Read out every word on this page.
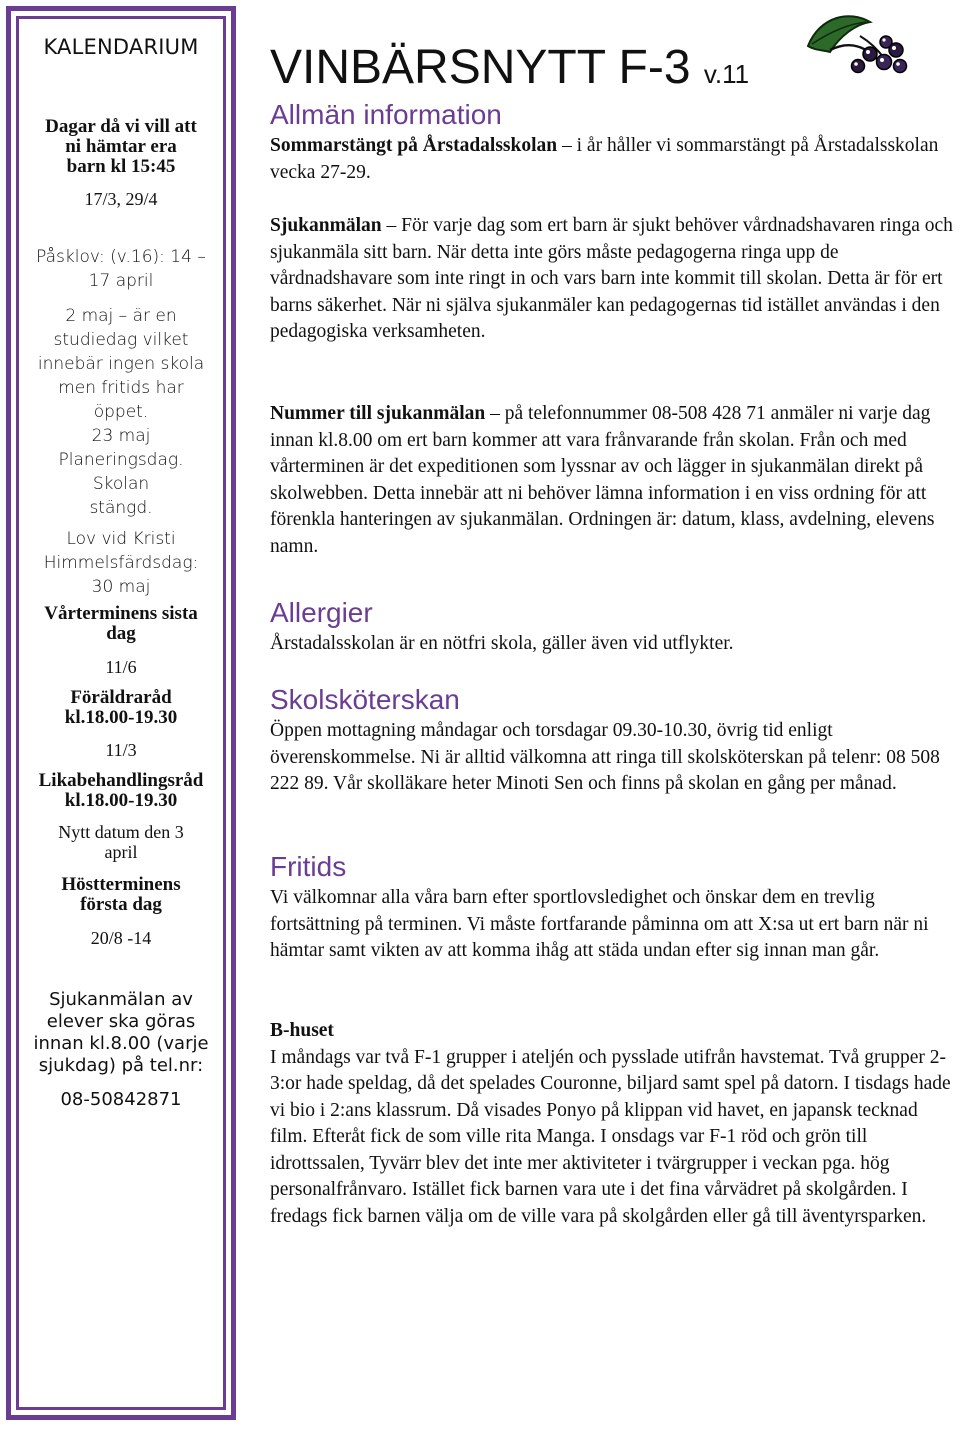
KALENDARIUM
Dagar då vi vill att
ni hämtar era
barn kl 15:45
17/3, 29/4
Påsklov: (v.16): 14 –
17 april
2 maj – är en
studiedag vilket
innebär ingen skola
men fritids har öppet.
23 maj
Planeringsdag. Skolan
stängd.
Lov vid Kristi
Himmelsfärdsdag:
30 maj
Vårterminens sista
dag
11/6
Föräldraråd
kl.18.00-19.30
11/3
Likabehandlingsråd
kl.18.00-19.30
Nytt datum den 3
april
Höstterminens
första dag
20/8 -14
Sjukanmälan av
elever ska göras
innan kl.8.00 (varje
sjukdag) på tel.nr:
08-50842871
VINBÄRSNYTT F-3 v.11
Allmän information
Sommarstängt på Årstadalsskolan – i år håller vi sommarstängt på Årstadalsskolan vecka 27-29.
Sjukanmälan – För varje dag som ert barn är sjukt behöver vårdnadshavaren ringa och sjukanmäla sitt barn. När detta inte görs måste pedagogerna ringa upp de vårdnadshavare som inte ringt in och vars barn inte kommit till skolan. Detta är för ert barns säkerhet. När ni själva sjukanmäler kan pedagogernas tid istället användas i den pedagogiska verksamheten.
Nummer till sjukanmälan – på telefonnummer 08-508 428 71 anmäler ni varje dag innan kl.8.00 om ert barn kommer att vara frånvarande från skolan. Från och med vårterminen är det expeditionen som lyssnar av och lägger in sjukanmälan direkt på skolwebben. Detta innebär att ni behöver lämna information i en viss ordning för att förenkla hanteringen av sjukanmälan. Ordningen är: datum, klass, avdelning, elevens namn.
Allergier
Årstadalsskolan är en nötfri skola, gäller även vid utflykter.
Skolsköterskan
Öppen mottagning måndagar och torsdagar 09.30-10.30, övrig tid enligt överenskommelse. Ni är alltid välkomna att ringa till skolsköterskan på telenr: 08 508 222 89. Vår skolläkare heter Minoti Sen och finns på skolan en gång per månad.
Fritids
Vi välkomnar alla våra barn efter sportlovsledighet och önskar dem en trevlig fortsättning på terminen. Vi måste fortfarande påminna om att X:sa ut ert barn när ni hämtar samt vikten av att komma ihåg att städa undan efter sig innan man går.
B-huset
I måndags var två F-1 grupper i ateljén och pysslade utifrån havstemat. Två grupper 2-3:or hade speldag, då det spelades Couronne, biljard samt spel på datorn. I tisdags hade vi bio i 2:ans klassrum. Då visades Ponyo på klippan vid havet, en japansk tecknad film. Efteråt fick de som ville rita Manga. I onsdags var F-1 röd och grön till idrottssalen, Tyvärr blev det inte mer aktiviteter i tvärgrupper i veckan pga. hög personalfrånvaro. Istället fick barnen vara ute i det fina vårvädret på skolgården. I fredags fick barnen välja om de ville vara på skolgården eller gå till äventyrsparken.
